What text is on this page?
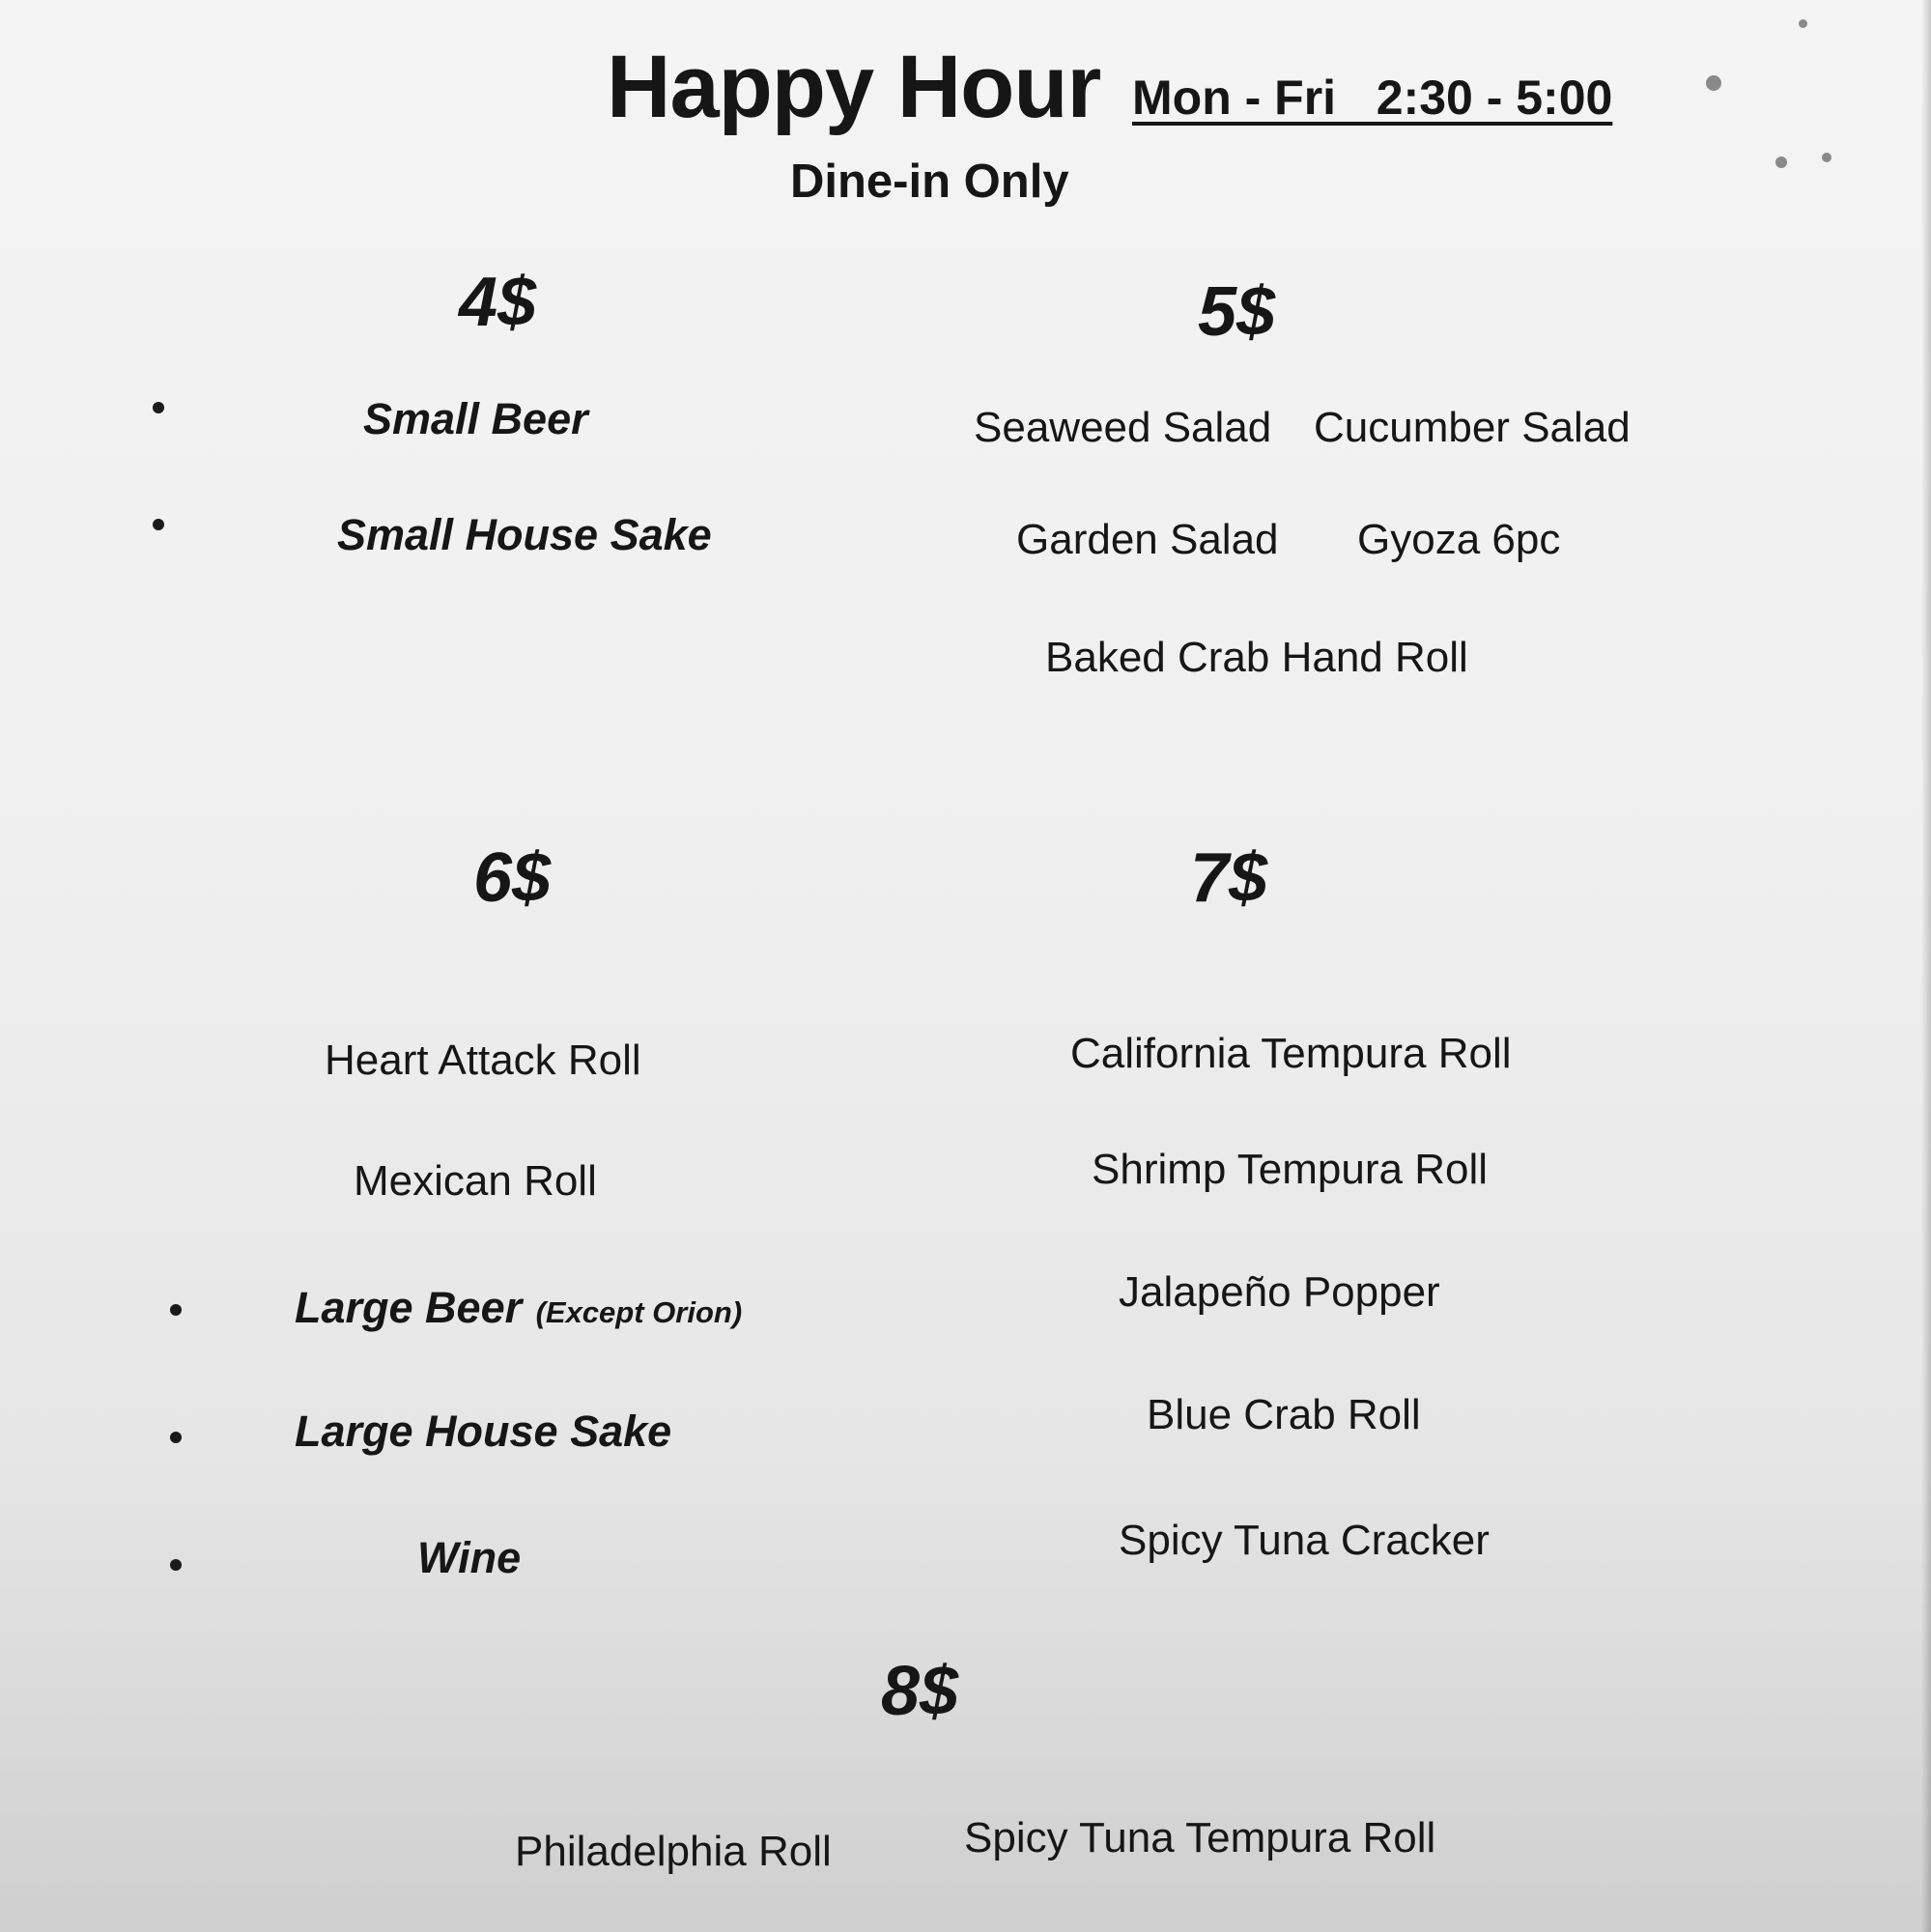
Happy Hour Mon - Fri   2:30 - 5:00
Dine-in Only
4$
Small Beer
Small House Sake
5$
Seaweed Salad Cucumber Salad
Garden Salad Gyoza 6pc
Baked Crab Hand Roll
6$
Heart Attack Roll
Mexican Roll
Large Beer (Except Orion)
Large House Sake
Wine
7$
California Tempura Roll
Shrimp Tempura Roll
Jalapeño Popper
Blue Crab Roll
Spicy Tuna Cracker
8$
Philadelphia Roll	Spicy Tuna Tempura Roll
